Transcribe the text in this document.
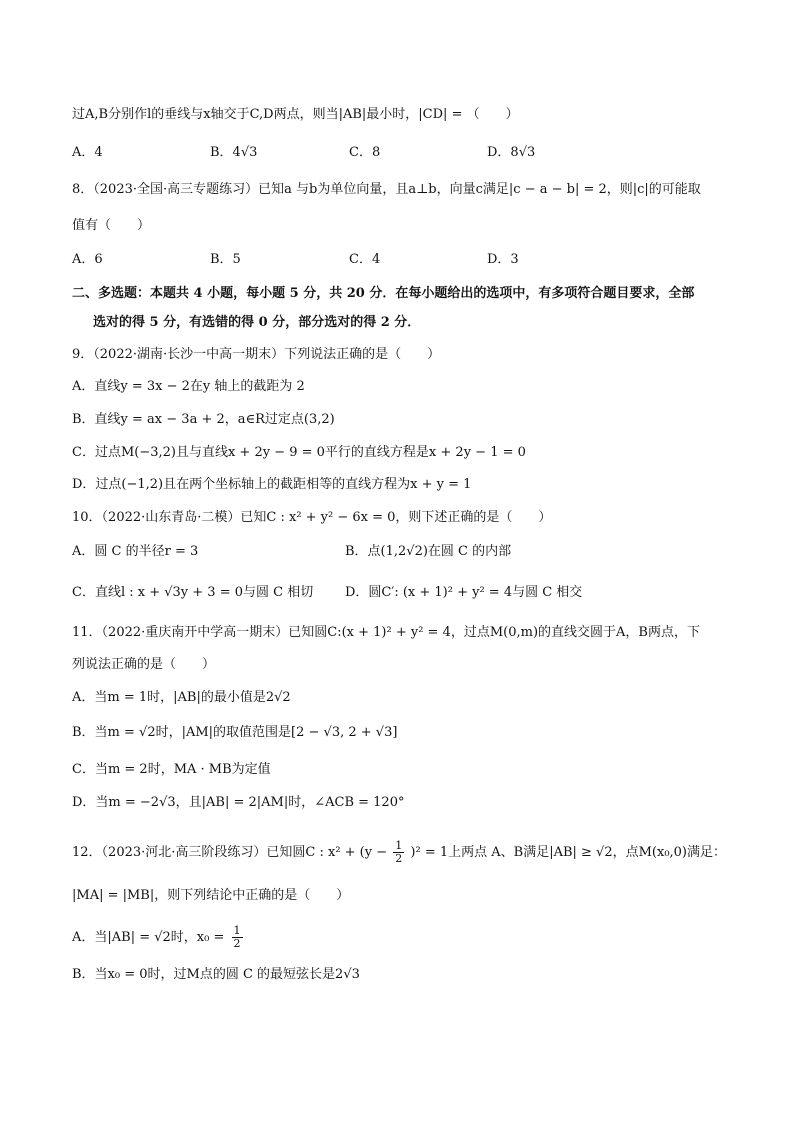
过A,B分别作l的垂线与x轴交于C,D两点，则当|AB|最小时，|CD| = （　　）
A．4	B．4√3	C．8	D．8√3
8．（2023·全国·高三专题练习）已知a 与b为单位向量，且a⊥b，向量c满足|c − a − b| = 2，则|c|的可能取
值有（　　）
A．6	B．5	C．4	D．3
二、多选题：本题共 4 小题，每小题 5 分，共 20 分．在每小题给出的选项中，有多项符合题目要求，全部
选对的得 5 分，有选错的得 0 分，部分选对的得 2 分．
9．（2022·湖南·长沙一中高一期末）下列说法正确的是（　　）
A．直线y = 3x − 2在y 轴上的截距为 2
B．直线y = ax − 3a + 2，a∈R过定点(3,2)
C．过点M(−3,2)且与直线x + 2y − 9 = 0平行的直线方程是x + 2y − 1 = 0
D．过点(−1,2)且在两个坐标轴上的截距相等的直线方程为x + y = 1
10．（2022·山东青岛·二模）已知C : x² + y² − 6x = 0，则下述正确的是（　　）
A．圆 C 的半径r = 3	B．点(1,2√2)在圆 C 的内部
C．直线l : x + √3y + 3 = 0与圆 C 相切 D．圆C′: (x + 1)² + y² = 4与圆 C 相交
11．（2022·重庆南开中学高一期末）已知圆C:(x + 1)² + y² = 4，过点M(0,m)的直线交圆于A，B两点，下
列说法正确的是（　　）
A．当m = 1时，|AB|的最小值是2√2
B．当m = √2时，|AM|的取值范围是[2 − √3, 2 + √3]
C．当m = 2时，MA · MB为定值
D．当m = −2√3，且|AB| = 2|AM|时，∠ACB = 120°
12．（2023·河北·高三阶段练习）已知圆C : $x^2 + (y - \frac{1}{2} )^2 = 1$上两点 A、B满足|AB| ≥ √2，点M(x₀,0)满足：
|MA| = |MB|，则下列结论中正确的是（　　）
A．当|AB| = √2时，$x_0 = \frac{1}{2}$
B．当x₀ = 0时，过M点的圆 C 的最短弦长是2√3
